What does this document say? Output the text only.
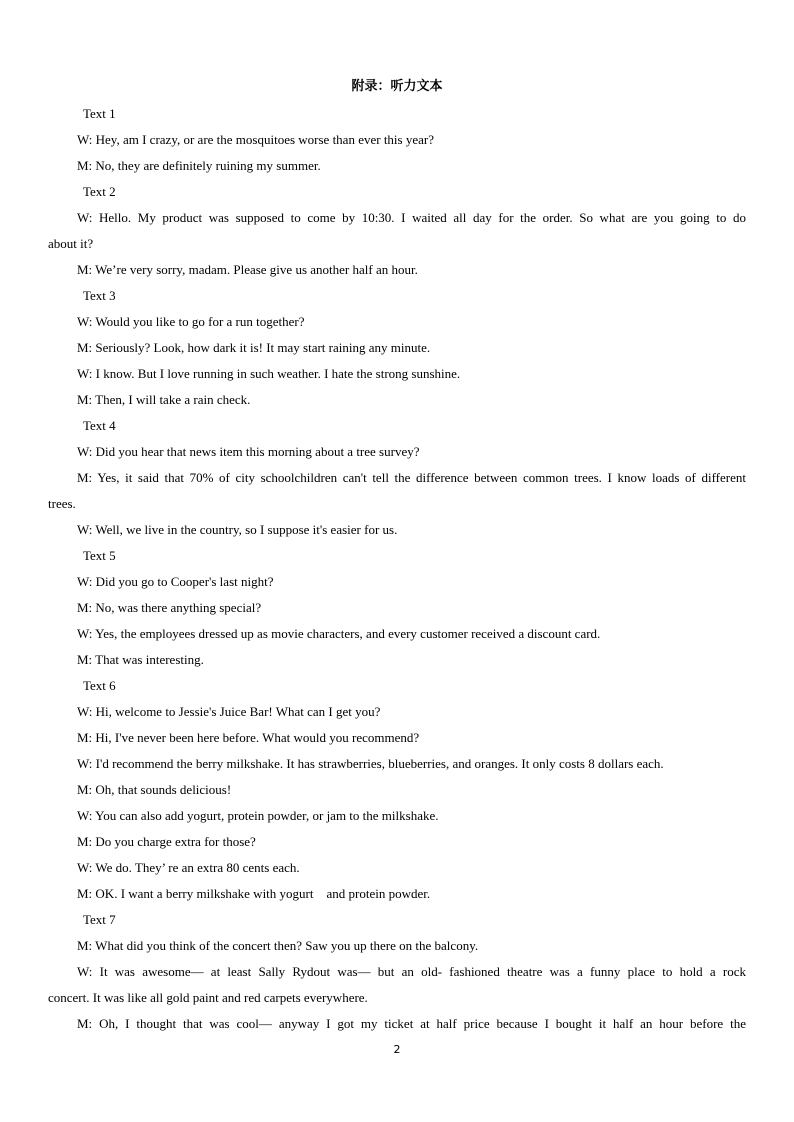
附录：听力文本
Text 1
W: Hey, am I crazy, or are the mosquitoes worse than ever this year?
M: No, they are definitely ruining my summer.
Text 2
W: Hello. My product was supposed to come by 10:30. I waited all day for the order. So what are you going to do
about it?
M: We’re very sorry, madam. Please give us another half an hour.
Text 3
W: Would you like to go for a run together?
M: Seriously? Look, how dark it is! It may start raining any minute.
W: I know. But I love running in such weather. I hate the strong sunshine.
M: Then, I will take a rain check.
Text 4
W: Did you hear that news item this morning about a tree survey?
M: Yes, it said that 70% of city schoolchildren can't tell the difference between common trees. I know loads of different
trees.
W: Well, we live in the country, so I suppose it's easier for us.
Text 5
W: Did you go to Cooper's last night?
M: No, was there anything special?
W: Yes, the employees dressed up as movie characters, and every customer received a discount card.
M: That was interesting.
Text 6
W: Hi, welcome to Jessie's Juice Bar! What can I get you?
M: Hi, I've never been here before. What would you recommend?
W: I'd recommend the berry milkshake. It has strawberries, blueberries, and oranges. It only costs 8 dollars each.
M: Oh, that sounds delicious!
W: You can also add yogurt, protein powder, or jam to the milkshake.
M: Do you charge extra for those?
W: We do. They’ re an extra 80 cents each.
M: OK. I want a berry milkshake with yogurt    and protein powder.
Text 7
M: What did you think of the concert then? Saw you up there on the balcony.
W: It was awesome— at least Sally Rydout was— but an old- fashioned theatre was a funny place to hold a rock
concert. It was like all gold paint and red carpets everywhere.
M: Oh, I thought that was cool— anyway I got my ticket at half price because I bought it half an hour before the
2
